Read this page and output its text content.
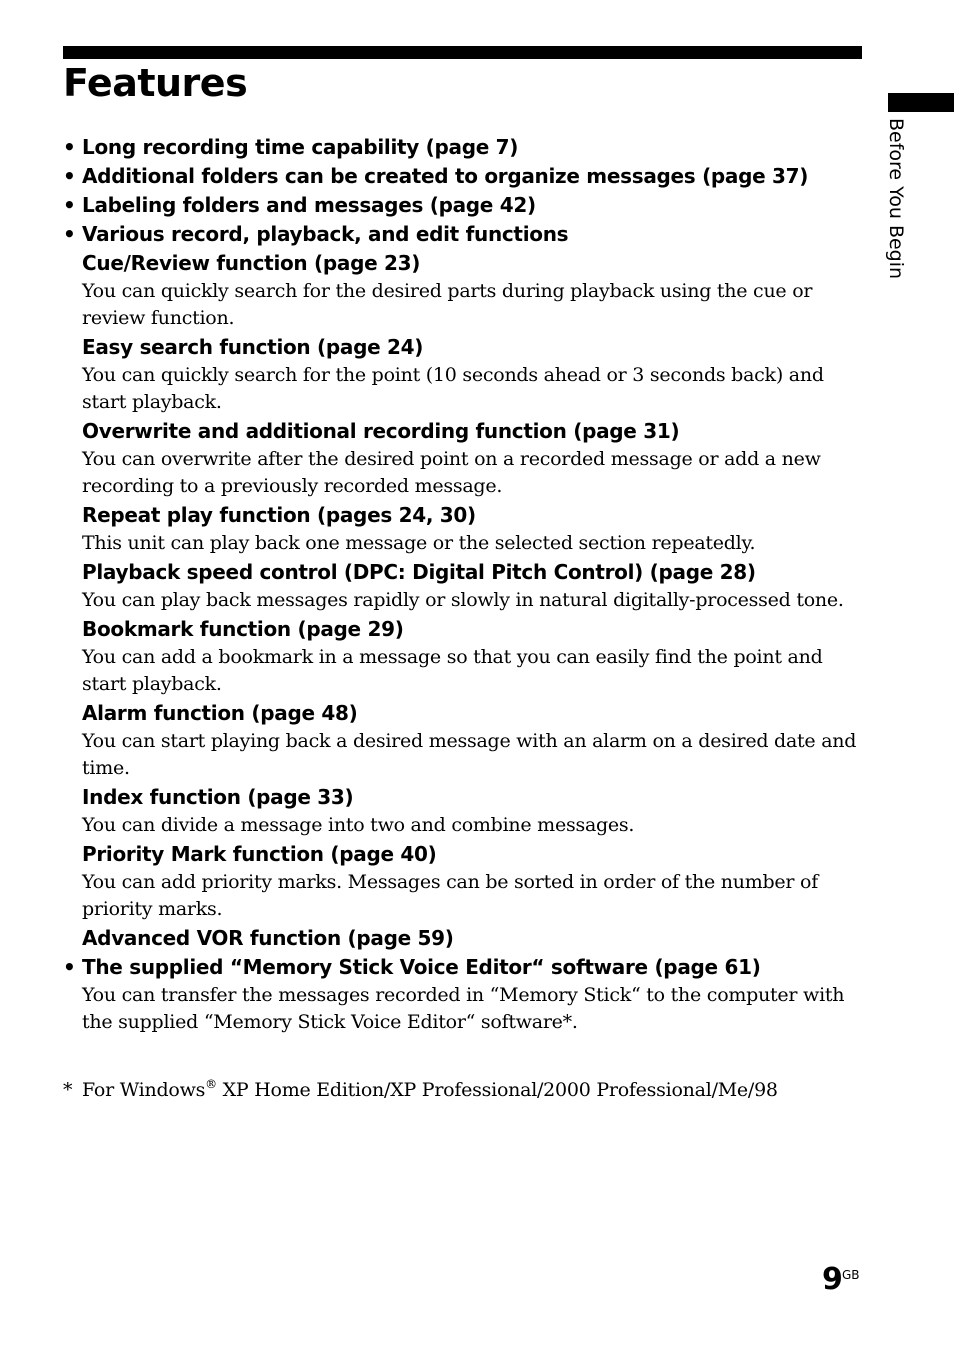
Features
Before You Begin
• Long recording time capability (page 7)
• Additional folders can be created to organize messages (page 37)
• Labeling folders and messages (page 42)
• Various record, playback, and edit functions
Cue/Review function (page 23)
You can quickly search for the desired parts during playback using the cue or review function.
Easy search function (page 24)
You can quickly search for the point (10 seconds ahead or 3 seconds back) and start playback.
Overwrite and additional recording function (page 31)
You can overwrite after the desired point on a recorded message or add a new recording to a previously recorded message.
Repeat play function (pages 24, 30)
This unit can play back one message or the selected section repeatedly.
Playback speed control (DPC: Digital Pitch Control) (page 28)
You can play back messages rapidly or slowly in natural digitally-processed tone.
Bookmark function (page 29)
You can add a bookmark in a message so that you can easily find the point and start playback.
Alarm function (page 48)
You can start playing back a desired message with an alarm on a desired date and time.
Index function (page 33)
You can divide a message into two and combine messages.
Priority Mark function (page 40)
You can add priority marks. Messages can be sorted in order of the number of priority marks.
Advanced VOR function (page 59)
• The supplied “Memory Stick Voice Editor“ software (page 61)
You can transfer the messages recorded in “Memory Stick“ to the computer with the supplied “Memory Stick Voice Editor“ software*.
* For Windows® XP Home Edition/XP Professional/2000 Professional/Me/98
9 GB
